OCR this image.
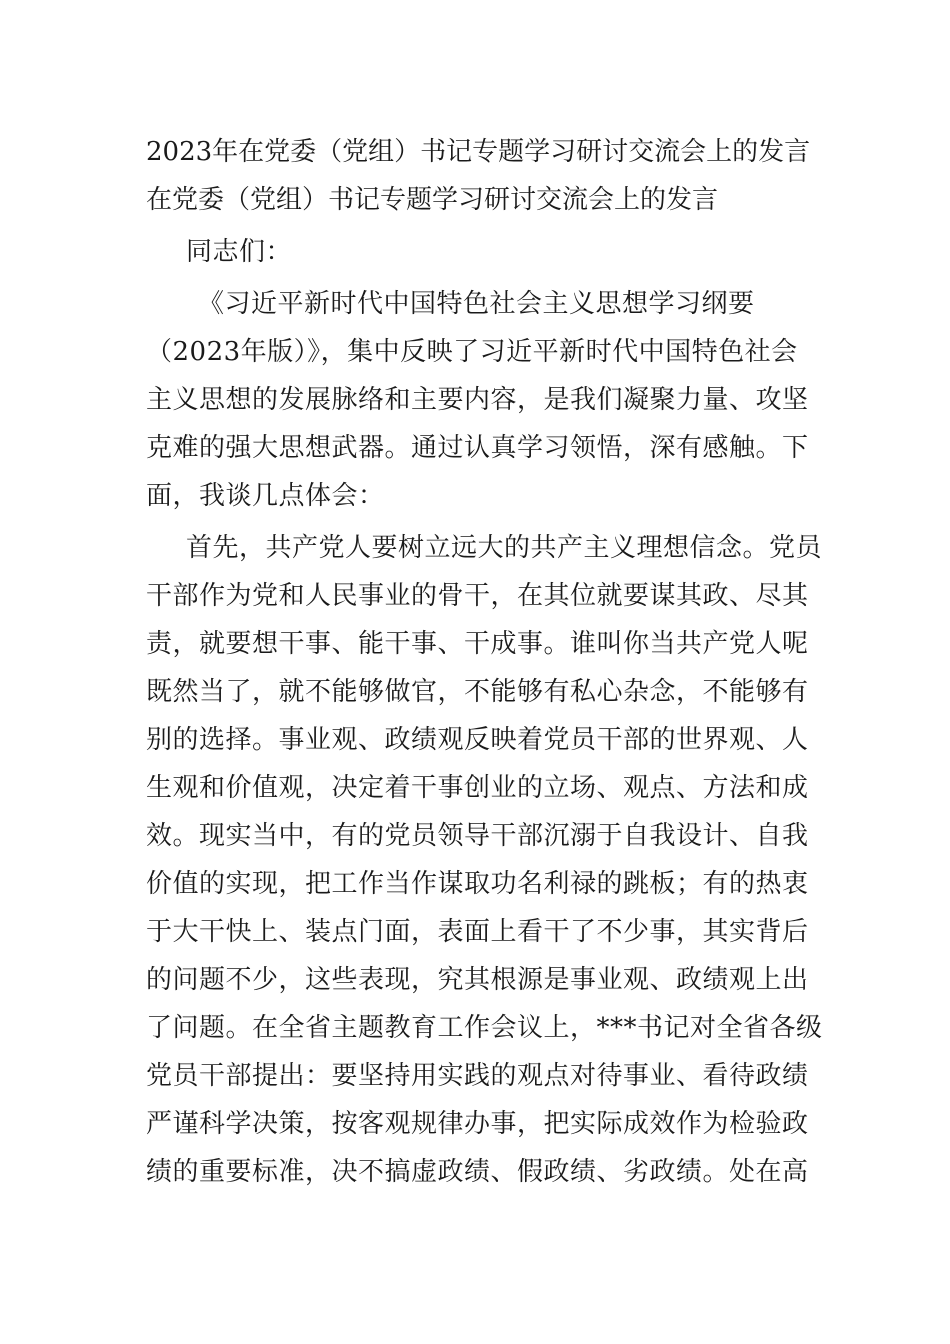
2023年在党委（党组）书记专题学习研讨交流会上的发言
在党委（党组）书记专题学习研讨交流会上的发言
同志们：
《习近平新时代中国特色社会主义思想学习纲要
（2023年版）》，集中反映了习近平新时代中国特色社会
主义思想的发展脉络和主要内容，是我们凝聚力量、攻坚
克难的强大思想武器。通过认真学习领悟，深有感触。下
面，我谈几点体会：
首先，共产党人要树立远大的共产主义理想信念。党员
干部作为党和人民事业的骨干，在其位就要谋其政、尽其
责，就要想干事、能干事、干成事。谁叫你当共产党人呢
既然当了，就不能够做官，不能够有私心杂念，不能够有
别的选择。事业观、政绩观反映着党员干部的世界观、人
生观和价值观，决定着干事创业的立场、观点、方法和成
效。现实当中，有的党员领导干部沉溺于自我设计、自我
价值的实现，把工作当作谋取功名利禄的跳板；有的热衷
于大干快上、装点门面，表面上看干了不少事，其实背后
的问题不少，这些表现，究其根源是事业观、政绩观上出
了问题。在全省主题教育工作会议上，***书记对全省各级
党员干部提出：要坚持用实践的观点对待事业、看待政绩
严谨科学决策，按客观规律办事，把实际成效作为检验政
绩的重要标准，决不搞虚政绩、假政绩、劣政绩。处在高
